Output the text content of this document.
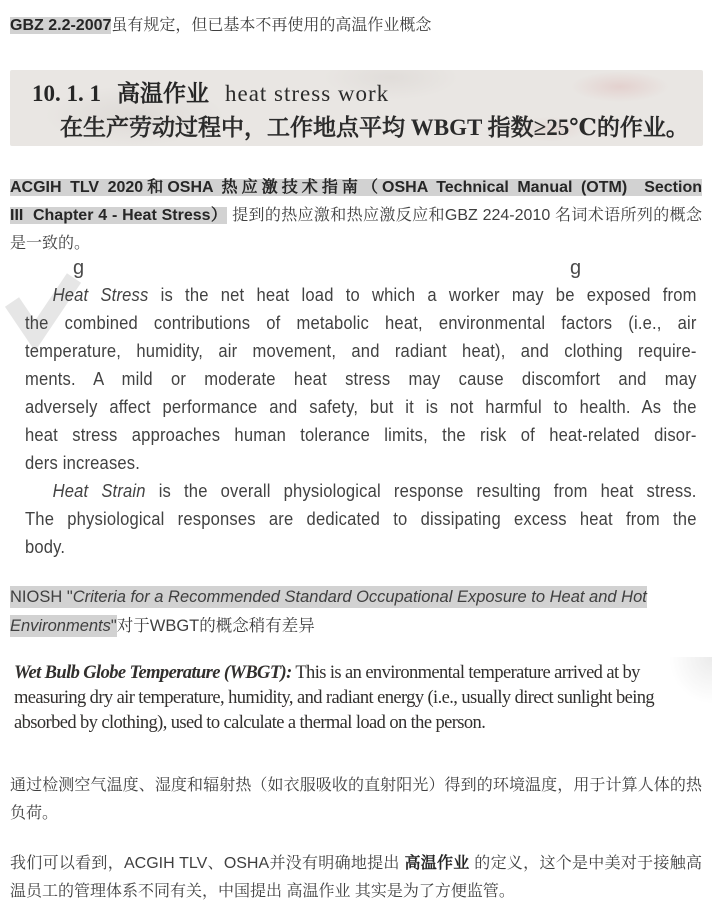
GBZ 2.2-2007虽有规定，但已基本不再使用的高温作业概念

10. 1. 1 高温作业 heat stress work
在生产劳动过程中，工作地点平均 WBGT 指数≥25℃的作业。

ACGIH TLV 2020和OSHA 热应激技术指南（OSHA Technical Manual (OTM)  Section III  Chapter 4 - Heat Stress） 提到的热应激和热应激反应和GBZ 224-2010 名词术语所列的概念是一致的。

g	g
Heat Stress is the net heat load to which a worker may be exposed from
the combined contributions of metabolic heat, environmental factors (i.e., air
temperature, humidity, air movement, and radiant heat), and clothing require-
ments. A mild or moderate heat stress may cause discomfort and may
adversely affect performance and safety, but it is not harmful to health. As the
heat stress approaches human tolerance limits, the risk of heat-related disor-
ders increases.
Heat Strain is the overall physiological response resulting from heat stress.
The physiological responses are dedicated to dissipating excess heat from the
body.

NIOSH "Criteria for a Recommended Standard Occupational Exposure to Heat and Hot Environments"对于WBGT的概念稍有差异

Wet Bulb Globe Temperature (WBGT): This is an environmental temperature arrived at by measuring dry air temperature, humidity, and radiant energy (i.e., usually direct sunlight being absorbed by clothing), used to calculate a thermal load on the person.

通过检测空气温度、湿度和辐射热（如衣服吸收的直射阳光）得到的环境温度，用于计算人体的热负荷。

我们可以看到，ACGIH TLV、OSHA并没有明确地提出 高温作业 的定义，这个是中美对于接触高温员工的管理体系不同有关，中国提出 高温作业 其实是为了方便监管。
